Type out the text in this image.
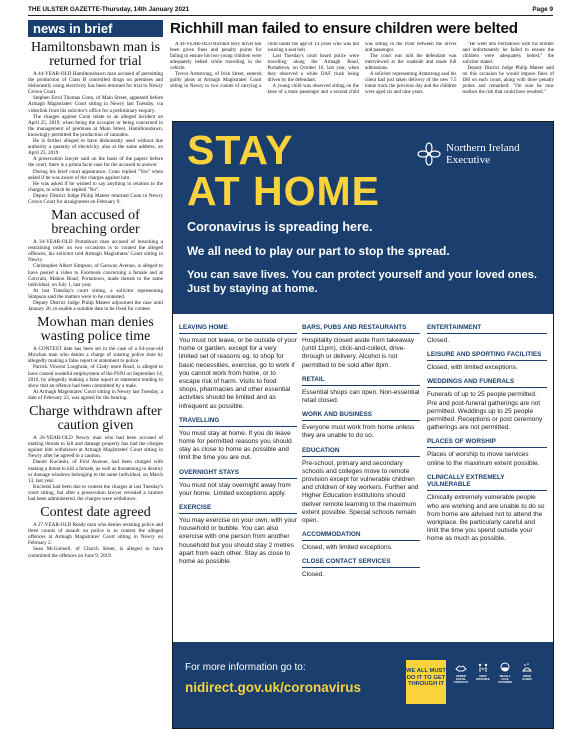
THE ULSTER GAZETTE-Thursday, 14th January 2021	Page 9
news in brief
Hamiltonsbawn man is returned for trial

A 44-YEAR-OLD Hamiltonsbawn man accused of permitting the production of Class B controlled drugs on premises and dishonestly using electricity has been returned for trial to Newry Crown Court.

Stephen Errol Thomas Conn, of Main Street, appeared before Armagh Magistrates' Court sitting in Newry last Tuesday, via videolink from his solicitor's office for a preliminary enquiry.

The charges against Conn relate to an alleged incident on April 25, 2019, when being the occupier or being concerned in the management of premises at Main Street, Hamiltonsbawn, knowingly permitted the production of cannabis.

He is further alleged to have dishonestly used without due authority a quantity of electricity, also at the same address, on April 25, 2019.

A prosecution lawyer said on the basis of the papers before the court, there is a prima facie case for the accused to answer.

During his brief court appearance, Conn replied "Yes" when asked if he was aware of the charges against him.

He was asked if he wished to say anything in relation to the charges, to which he replied "No".

Deputy District Judge Philip Mateer returned Conn to Newry Crown Court for arraignment on February 9.

Man accused of breaching order

A 34-YEAR-OLD Portadown man accused of breaching a restraining order on two occasions is to contest the alleged offences, his solicitor told Armagh Magistrates' Court sitting in Newry.

Christopher Albert Simpson, of Ganway Avenue, is alleged to have posted a video to Facebook concerning a female and at Corcrain, Mahon Road, Portadown, made threats to the same individual, on July 1, last year.

At last Tuesday's court sitting, a solicitor representing Simpson said the matters were to be contested.

Deputy District Judge Philip Mateer adjourned the case until January 26, to enable a suitable date to be fixed for contest.

Mowhan man denies wasting police time

A CONTEST date has been set in the case of a 64-year-old Mowhan man who denies a charge of wasting police time by allegedly making a false report or statement to police.

Patrick Vincent Loughran, of Clady more Road, is alleged to have caused wasteful employment of the PSNI on September 14, 2019, by allegedly making a false report or statement tending to show that an offence had been committed by a male.

At Armagh Magistrates' Court sitting in Newry last Tuesday, a date of February 23, was agreed for the hearing.

Charge withdrawn after caution given

A 26-YEAR-OLD Newry man who had been accused of making threats to kill and damage property has had the charges against him withdrawn at Armagh Magistrates' Court sitting in Newry after he agreed to a caution.

Daniel Kucieski, of First Avenue, had been charged with making a threat to kill a female, as well as threatening to destroy or damage windows belonging to the same individual, on March 13, last year.

Kucieski had been due to contest the charges at last Tuesday's court sitting, but after a prosecution lawyer revealed a caution had been administered, the charges were withdrawn.

Contest date agreed

A 27-YEAR-OLD Ready man who denies resisting police and three counts of assault on police is to contest the alleged offences at Armagh Magistrates' Court sitting in Newry on February 2.

Sean McGonnell, of Church Street, is alleged to have committed the offences on June 9, 2019.

Richhill man failed to ensure children were belted

A 44-YEAR-OLD Richhill lorry driver has been given fines and penalty points for failing to ensure his two young children were adequately belted while travelling in the vehicle.

Trevor Armstrong, of Irish Street, entered guilty pleas at Armagh Magistrates' Court sitting in Newry to two counts of carrying a child under the age of 14 years who was not wearing a seat belt.

Last Tuesday's court heard police were travelling along the Armagh Road, Portadown, on October 16, last year, when they observed a white DAF truck being driven by the defendant.

A young child was observed sitting on the knee of a male passenger and a second child was sitting in the front between the driver and passenger.

The court was told the defendant was interviewed at the roadside and made full admissions.

A solicitor representing Armstrong said his client had just taken delivery of the new 7.5 tonne truck the previous day and the children were aged six and nine years.

"He went into Portadown with his brother and unfortunately he failed to ensure the children were adequately belted," the solicitor stated.

Deputy District Judge Philip Mateer said on this occasion he would impose fines of £80 on each count, along with three penalty points and remarked: "I'm sure he now realises the risk that could have resulted."

STAY
AT HOME
Northern Ireland
Executive
Coronavirus is spreading here.
We all need to play our part to stop the spread.
You can save lives. You can protect yourself and your loved ones. Just by staying at home.
LEAVING HOME

You must not leave, or be outside of your home or garden, except for a very limited set of reasons eg. to shop for basic necessities, exercise, go to work if you cannot work from home, or to escape risk of harm. Visits to food shops, pharmacies and other essential activities should be limited and as infrequent as possible.

TRAVELLING

You must stay at home. If you do leave home for permitted reasons you should stay as close to home as possible and limit the time you are out.

OVERNIGHT STAYS

You must not stay overnight away from your home. Limited exceptions apply.

EXERCISE

You may exercise on your own, with your household or bubble. You can also exercise with one person from another household but you should stay 2 metres apart from each other. Stay as close to home as possible.

BARS, PUBS AND RESTAURANTS

Hospitality closed aside from takeaway (until 11pm), click-and-collect, drive-through or delivery. Alcohol is not permitted to be sold after 8pm.

RETAIL

Essential shops can open. Non-essential retail closed.

WORK AND BUSINESS

Everyone must work from home unless they are unable to do so.

EDUCATION

Pre-school, primary and secondary schools and colleges move to remote provision except for vulnerable children and children of key workers. Further and Higher Education institutions should deliver remote learning to the maximum extent possible. Special schools remain open.

ACCOMMODATION

Closed, with limited exceptions.

CLOSE CONTACT SERVICES

Closed.

ENTERTAINMENT

Closed.

LEISURE AND SPORTING FACILITIES

Closed, with limited exceptions.

WEDDINGS AND FUNERALS

Funerals of up to 25 people permitted. Pre and post-funeral gatherings are not permitted. Weddings up to 25 people permitted. Receptions or post ceremony gatherings are not permitted.

PLACES OF WORSHIP

Places of worship to move services online to the maximum extent possible.

CLINICALLY EXTREMELY VULNERABLE

Clinically extremely vulnerable people who are working and are unable to do so from home are advised not to attend the workplace. Be particularly careful and limit the time you spend outside your home as much as possible.

For more information go to:
nidirect.gov.uk/coronavirus
WE ALL MUST DO IT TO GET THROUGH IT
FEWER SOCIAL CONTACTS
KEEP DISTANCE
WEAR A FACE COVERING
WASH HANDS
